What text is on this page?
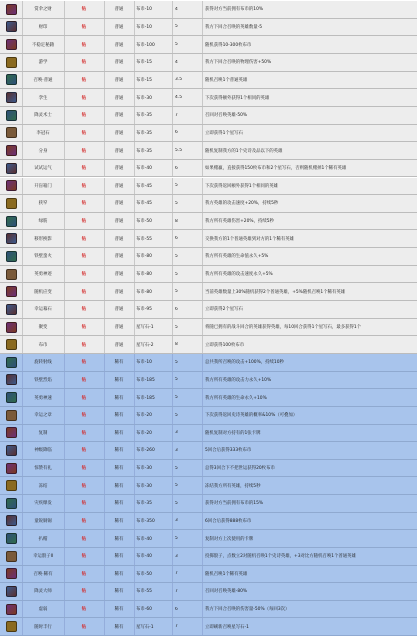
赏伞之财	钻	普通	布币-10	4	获得对方当前拥有布币的10%
财印	钻	普通	布币-10	5	我方下回合召唤的英雄数量-5
不稳定秘籍	钻	普通	布币-100	5	随机获得10-300枚布币
游学	钻	普通	布币-15	4	我方下回合召唤的物理伤害+50%
召唤·普通	钻	普通	布币-15	3.5	随机召唤1个普通英雄
孪生	钻	普通	布币-30	4.5	下次获得额外获得1个相同的英雄
降灵术士	钻	普通	布币-35	7	召回对召唤英雄-50%
李冠石	钻	普通	布币-35	6	立即获得1个星写石
分身	钻	普通	布币-35	5.5	随机复制我方的1个史诗及品以下的英雄
试试运气	钻	普通	布币-40	6	如果赌赢，直接获得150枚布币和2个星写石，否则随机赌掉1个稀有英雄
开盲箱门	钻	普通	布币-45	5	下次获得返回额外获得1个相同的英雄
狭窄	钻	普通	布币-45	5	我方英雄的攻击速度+20%，持续5秒
绿筋	钻	普通	布币-50	8	我方所有英雄伤害+20%，持续5秒
移形换影	钻	普通	布币-55	6	交换我方的1个普通英雄到对方的1个稀有英雄
铁壁蛮火	钻	普通	布币-80	5	我方所有英雄的生命值永久+5%
英勇神迹	钻	普通	布币-80	5	我方所有英雄的攻击速度永久+5%
随机应变	钻	普通	布币-80	5	当前英雄数量上30%随机获得2个普通英雄，+5%随机召唤1个稀有英雄
幸运幕石	钻	普通	布币-95	6	立即获得2个星写石
聚变	钻	普通	星写石-1	5	将随已拥有的战斗回合的英雄获得英雄，每10回合获得1个星写石，最多获得1个
布币	钻	普通	星写石-2	8	立即获得100枚布币
旋转射线	钻	稀有	布币-10	5	总共我所召唤的攻击+100%，持续10秒
铁壁烈焰	钻	稀有	布币-185	5	我方所有英雄的攻击力永久+10%
英勇神速	钻	稀有	布币-185	5	我方所有英雄的生命永久+10%
幸运之章	钻	稀有	布币-20	5	下次获得返回史诗英雄的概率&10%（可叠加）
复制	钻	稀有	布币-20	3	随机复制对方持有的1张卡牌
神级降临	钻	稀有	布币-260	3	5回合后获得333枚布币
惊赞有礼	钻	稀有	布币-30	5	总得3回合下不把世运获得20枚布币
冻结	钻	稀有	布币-30	5	冻结我方所有英雄，持续5秒
灾疾爆发	钻	稀有	布币-35	5	获得对方当前拥有布币的15%
童锐铜锡	钻	稀有	布币-350	3	6回合后获得888枚布币
扒帽	钻	稀有	布币-40	5	复制对方上次使用的卡牌
幸运骰子Ⅱ	钻	稀有	布币-40	3	投掷骰子，点数立2对随机召唤1个史诗英雄，+3对比方随机召唤1个普通英雄
召唤·稀有	钻	稀有	布币-50	7	随机召唤1个稀有英雄
降灵大师	钻	稀有	布币-55	7	召回对召唤英雄-80%
虚弱	钻	稀有	布币-60	6	我方下回合召唤的伤害量-50%（每回3次）
随时丰行	钻	稀有	星写石-1	7	立即刷新召唤星写石-1
